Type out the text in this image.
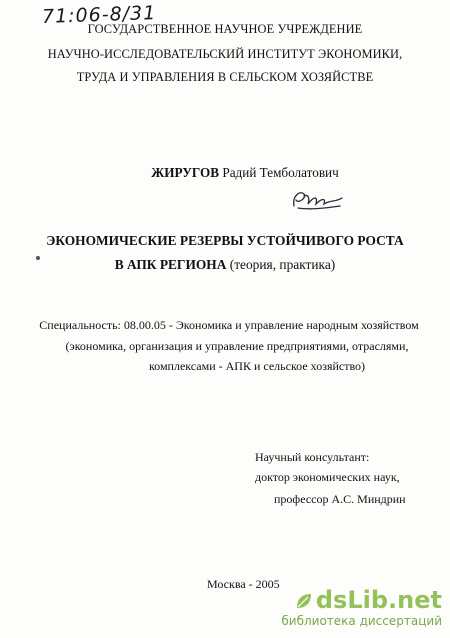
71:06-8/31
ГОСУДАРСТВЕННОЕ НАУЧНОЕ УЧРЕЖДЕНИЕ
НАУЧНО-ИССЛЕДОВАТЕЛЬСКИЙ ИНСТИТУТ ЭКОНОМИКИ,
ТРУДА И УПРАВЛЕНИЯ В СЕЛЬСКОМ ХОЗЯЙСТВЕ
ЖИРУГОВ Радий Темболатович
ЭКОНОМИЧЕСКИЕ РЕЗЕРВЫ УСТОЙЧИВОГО РОСТА
В АПК РЕГИОНА (теория, практика)
Специальность: 08.00.05 - Экономика и управление народным хозяйством
(экономика, организация и управление предприятиями, отраслями,
комплексами - АПК и сельское хозяйство)
Научный консультант:
доктор экономических наук,
профессор А.С. Миндрин
Москва - 2005
dsLib.net
библиотека диссертаций
